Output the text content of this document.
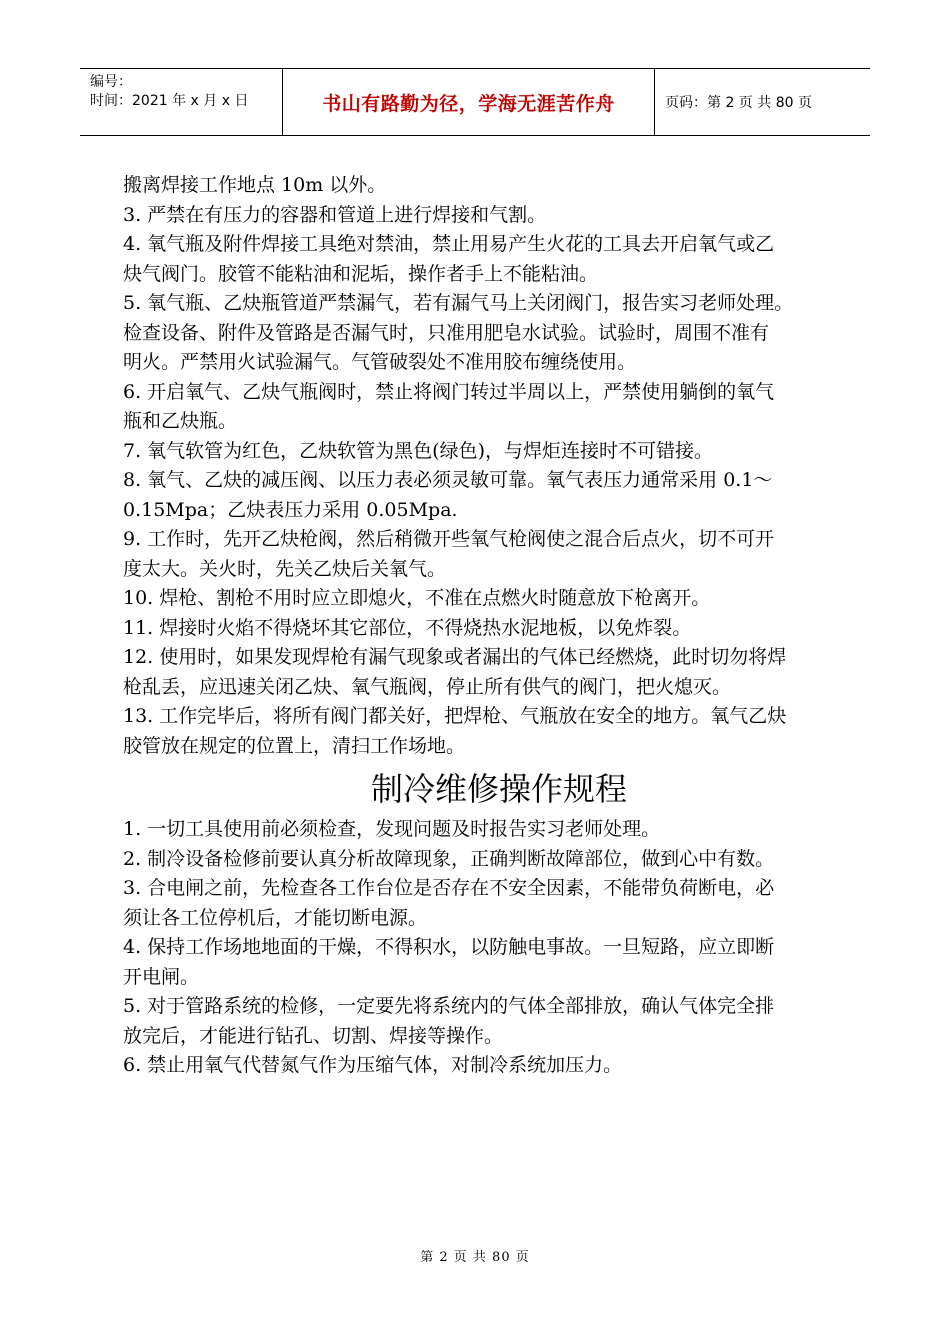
编号：
时间：2021 年 x 月 x 日	书山有路勤为径，学海无涯苦作舟	页码：第 2 页 共 80 页

搬离焊接工作地点 10m 以外。

3. 严禁在有压力的容器和管道上进行焊接和气割。

4. 氧气瓶及附件焊接工具绝对禁油，禁止用易产生火花的工具去开启氧气或乙

炔气阀门。胶管不能粘油和泥垢，操作者手上不能粘油。

5. 氧气瓶、乙炔瓶管道严禁漏气，若有漏气马上关闭阀门，报告实习老师处理。

检查设备、附件及管路是否漏气时，只准用肥皂水试验。试验时，周围不准有

明火。严禁用火试验漏气。气管破裂处不准用胶布缠绕使用。

6. 开启氧气、乙炔气瓶阀时，禁止将阀门转过半周以上，严禁使用躺倒的氧气

瓶和乙炔瓶。

7. 氧气软管为红色，乙炔软管为黑色(绿色)，与焊炬连接时不可错接。

8. 氧气、乙炔的减压阀、以压力表必须灵敏可靠。氧气表压力通常采用 0.1～

0.15Mpa；乙炔表压力采用 0.05Mpa.

9. 工作时，先开乙炔枪阀，然后稍微开些氧气枪阀使之混合后点火，切不可开

度太大。关火时，先关乙炔后关氧气。

10. 焊枪、割枪不用时应立即熄火，不准在点燃火时随意放下枪离开。

11. 焊接时火焰不得烧坏其它部位，不得烧热水泥地板，以免炸裂。

12. 使用时，如果发现焊枪有漏气现象或者漏出的气体已经燃烧，此时切勿将焊

枪乱丢，应迅速关闭乙炔、氧气瓶阀，停止所有供气的阀门，把火熄灭。

13. 工作完毕后，将所有阀门都关好，把焊枪、气瓶放在安全的地方。氧气乙炔

胶管放在规定的位置上，清扫工作场地。

制冷维修操作规程

1. 一切工具使用前必须检查，发现问题及时报告实习老师处理。

2. 制冷设备检修前要认真分析故障现象，正确判断故障部位，做到心中有数。

3. 合电闸之前，先检查各工作台位是否存在不安全因素，不能带负荷断电，必

须让各工位停机后，才能切断电源。

4. 保持工作场地地面的干燥，不得积水，以防触电事故。一旦短路，应立即断

开电闸。

5. 对于管路系统的检修，一定要先将系统内的气体全部排放，确认气体完全排

放完后，才能进行钻孔、切割、焊接等操作。

6. 禁止用氧气代替氮气作为压缩气体，对制冷系统加压力。

第 2 页 共 80 页
